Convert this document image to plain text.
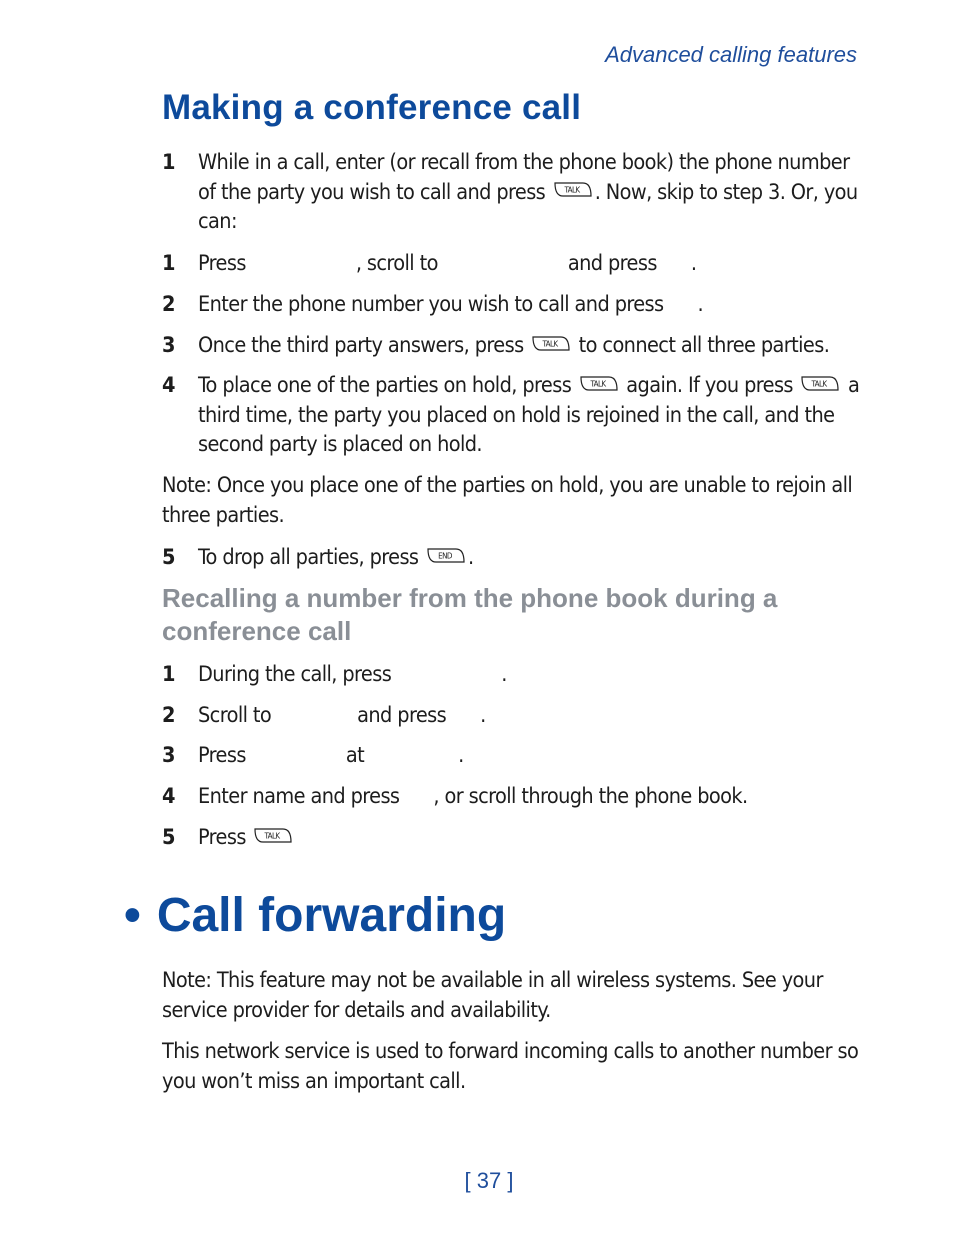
Advanced calling features
Making a conference call
1	While in a call, enter (or recall from the phone book) the phone number of the party you wish to call and press TALK . Now, skip to step 3. Or, you can:
1	Press	, scroll to	and press .
2	Enter the phone number you wish to call and press .
3	Once the third party answers, press TALK to connect all three parties.
4	To place one of the parties on hold, press TALK again. If you press TALK a third time, the party you placed on hold is rejoined in the call, and the second party is placed on hold.
Note: Once you place one of the parties on hold, you are unable to rejoin all three parties.
5	To drop all parties, press END .
Recalling a number from the phone book during a conference call
1	During the call, press	.
2	Scroll to	and press .
3	Press	at	.
4	Enter name and press , or scroll through the phone book.
5	Press TALK
• Call forwarding
Note: This feature may not be available in all wireless systems. See your service provider for details and availability.
This network service is used to forward incoming calls to another number so you won’t miss an important call.
[ 37 ]
